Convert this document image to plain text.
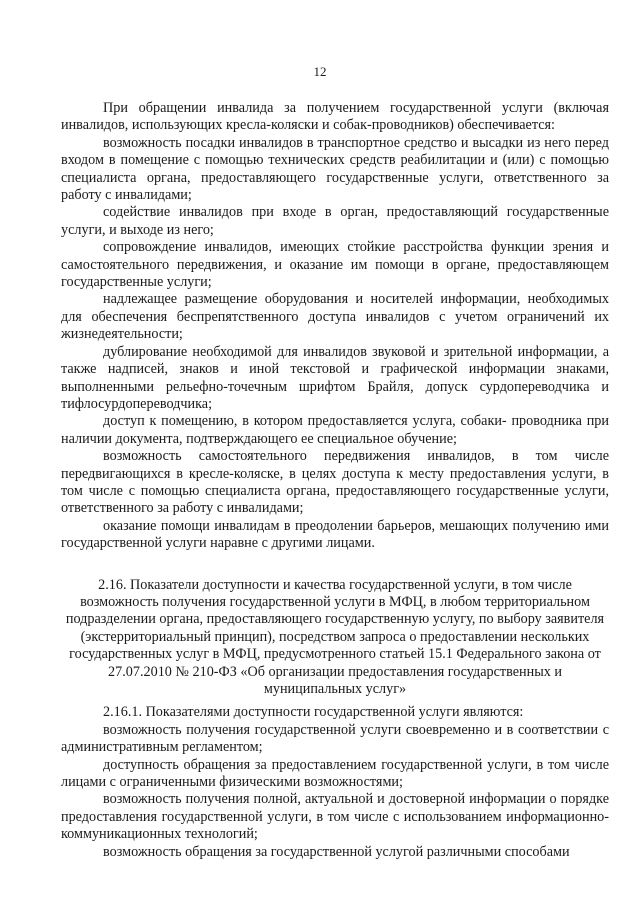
12

При обращении инвалида за получением государственной услуги (включая инвалидов, использующих кресла-коляски и собак-проводников) обеспечивается:

возможность посадки инвалидов в транспортное средство и высадки из него перед входом в помещение с помощью технических средств реабилитации и (или) с помощью специалиста органа, предоставляющего государственные услуги, ответственного за работу с инвалидами;

содействие инвалидов при входе в орган, предоставляющий государственные услуги, и выходе из него;

сопровождение инвалидов, имеющих стойкие расстройства функции зрения и самостоятельного передвижения, и оказание им помощи в органе, предоставляющем государственные услуги;

надлежащее размещение оборудования и носителей информации, необходимых для обеспечения беспрепятственного доступа инвалидов с учетом ограничений их жизнедеятельности;

дублирование необходимой для инвалидов звуковой и зрительной информации, а также надписей, знаков и иной текстовой и графической информации знаками, выполненными рельефно-точечным шрифтом Брайля, допуск сурдопереводчика и тифлосурдопереводчика;

доступ к помещению, в котором предоставляется услуга, собаки- проводника при наличии документа, подтверждающего ее специальное обучение;

возможность самостоятельного передвижения инвалидов, в том числе передвигающихся в кресле-коляске, в целях доступа к месту предоставления услуги, в том числе с помощью специалиста органа, предоставляющего государственные услуги, ответственного за работу с инвалидами;

оказание помощи инвалидам в преодолении барьеров, мешающих получению ими государственной услуги наравне с другими лицами.

2.16. Показатели доступности и качества государственной услуги, в том числе возможность получения государственной услуги в МФЦ, в любом территориальном подразделении органа, предоставляющего государственную услугу, по выбору заявителя (экстерриториальный принцип), посредством запроса о предоставлении нескольких государственных услуг в МФЦ, предусмотренного статьей 15.1 Федерального закона от 27.07.2010 № 210-ФЗ «Об организации предоставления государственных и муниципальных услуг»

2.16.1. Показателями доступности государственной услуги являются:

возможность получения государственной услуги своевременно и в соответствии с административным регламентом;

доступность обращения за предоставлением государственной услуги, в том числе лицами с ограниченными физическими возможностями;

возможность получения полной, актуальной и достоверной информации о порядке предоставления государственной услуги, в том числе с использованием информационно-коммуникационных технологий;

возможность обращения за государственной услугой различными способами
